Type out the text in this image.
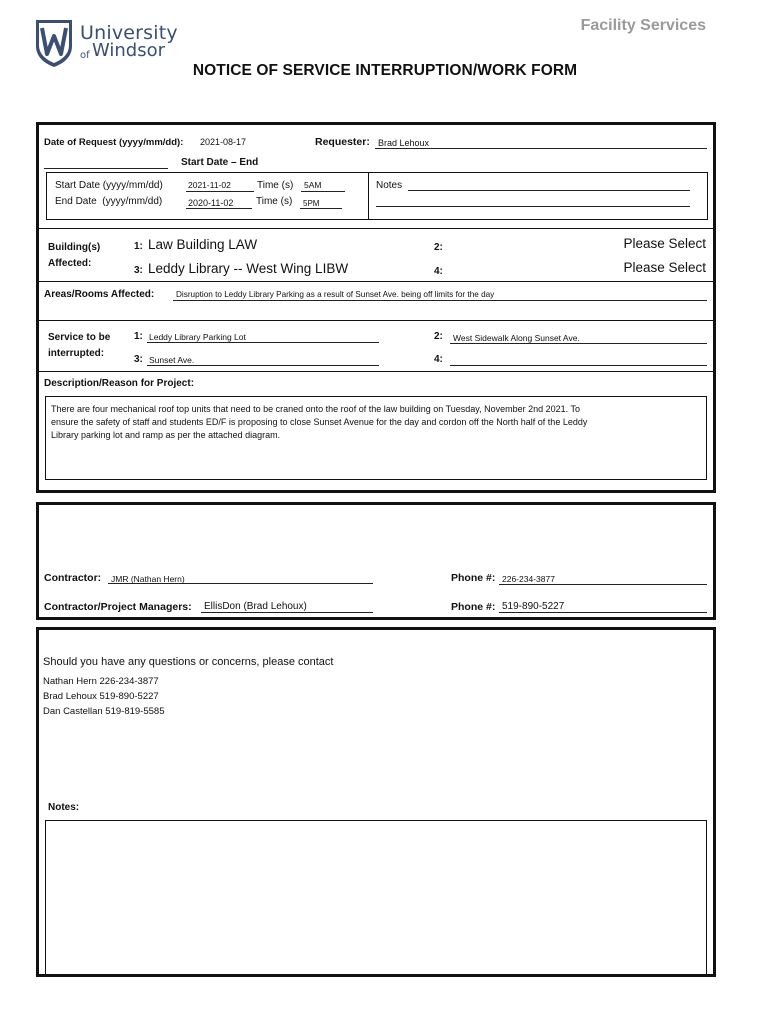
University
of Windsor
Facility Services
NOTICE OF SERVICE INTERRUPTION/WORK FORM
Date of Request (yyyy/mm/dd): 2021-08-17	Requester: Brad Lehoux
Start Date – End
Start Date (yyyy/mm/dd)	2021-11-02	Time (s) 5AM
End Date  (yyyy/mm/dd)	2020-11-02 Time (s) 5PM
Notes
Building(s)
Affected:
1: Law Building LAW	2:	Please Select
3: Leddy Library -- West Wing LIBW	4:	Please Select
Areas/Rooms Affected:	Disruption to Leddy Library Parking as a result of Sunset Ave. being off limits for the day
Service to be
interrupted:
1: Leddy Library Parking Lot	2: West Sidewalk Along Sunset Ave.
3: Sunset Ave.	4:
Description/Reason for Project:
There are four mechanical roof top units that need to be craned onto the roof of the law building on Tuesday, November 2nd 2021. To
ensure the safety of staff and students ED/F is proposing to close Sunset Avenue for the day and cordon off the North half of the Leddy
Library parking lot and ramp as per the attached diagram.
Contractor: JMR (Nathan Hern)	Phone #: 226-234-3877
Contractor/Project Managers: EllisDon (Brad Lehoux)	Phone #: 519-890-5227
Should you have any questions or concerns, please contact
Nathan Hern 226-234-3877
Brad Lehoux 519-890-5227
Dan Castellan 519-819-5585
Notes:
